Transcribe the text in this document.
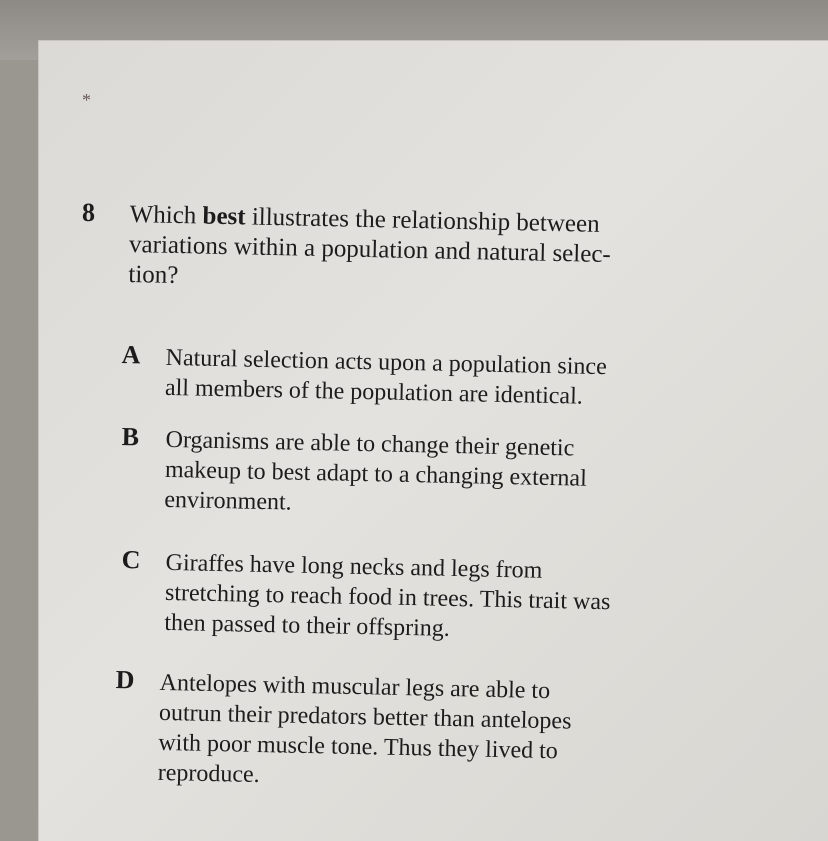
*
8 Which best illustrates the relationship between
variations within a population and natural selec-
tion?
A Natural selection acts upon a population since
all members of the population are identical.
B Organisms are able to change their genetic
makeup to best adapt to a changing external
environment.
C Giraffes have long necks and legs from
stretching to reach food in trees. This trait was
then passed to their offspring.
D Antelopes with muscular legs are able to
outrun their predators better than antelopes
with poor muscle tone. Thus they lived to
reproduce.
